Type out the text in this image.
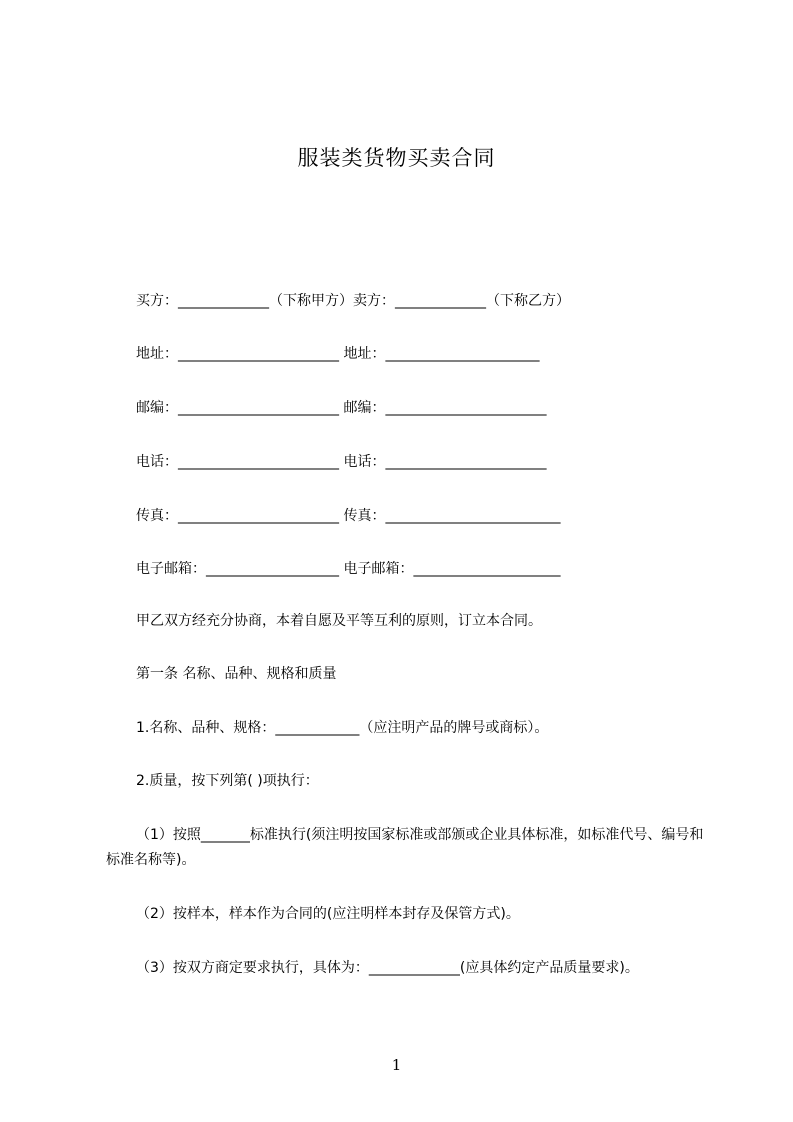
服装类货物买卖合同
买方：_____________（下称甲方）卖方：_____________（下称乙方）
地址：_______________________ 地址：______________________
邮编：_______________________ 邮编：_______________________
电话：_______________________ 电话：_______________________
传真：_______________________ 传真：_________________________
电子邮箱：___________________ 电子邮箱：_____________________
甲乙双方经充分协商，本着自愿及平等互利的原则，订立本合同。
第一条 名称、品种、规格和质量
1.名称、品种、规格：____________（应注明产品的牌号或商标）。
2.质量，按下列第( )项执行：
（1）按照_______标准执行(须注明按国家标准或部颁或企业具体标准，如标准代号、编号和标准名称等)。
（2）按样本，样本作为合同的(应注明样本封存及保管方式)。
（3）按双方商定要求执行，具体为：_____________(应具体约定产品质量要求)。
1
